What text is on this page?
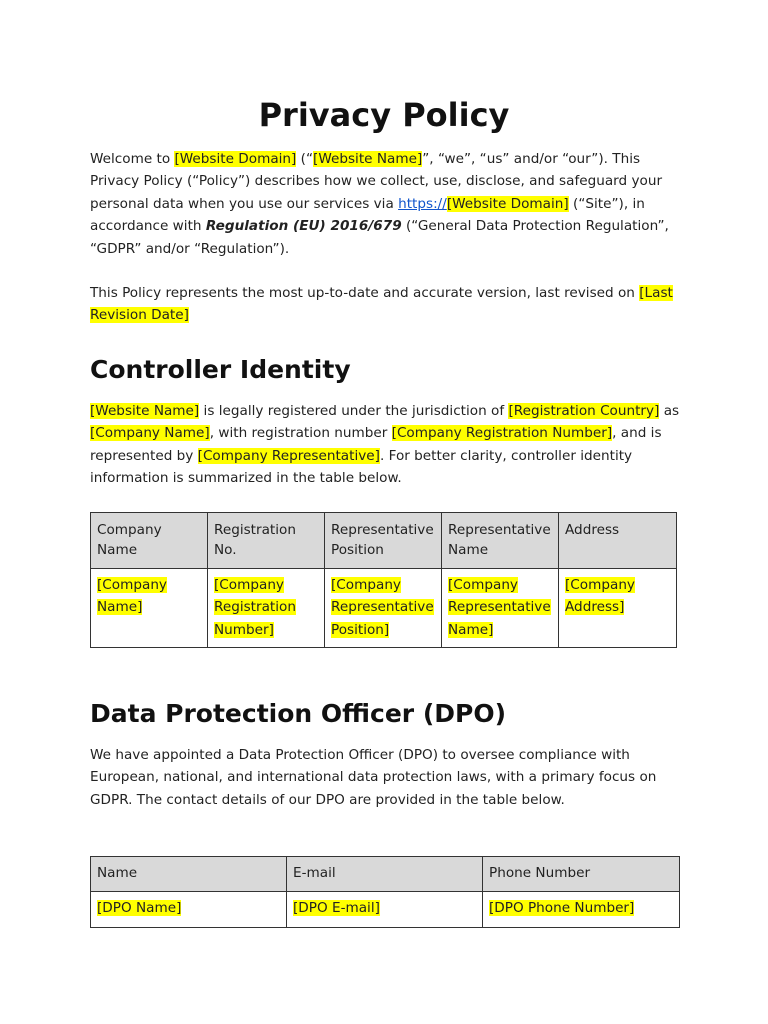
Privacy Policy

Welcome to [Website Domain] (“[Website Name]”, “we”, “us” and/or “our”). This Privacy Policy (“Policy”) describes how we collect, use, disclose, and safeguard your personal data when you use our services via https://[Website Domain] (“Site”), in accordance with Regulation (EU) 2016/679 (“General Data Protection Regulation”, “GDPR” and/or “Regulation”).

This Policy represents the most up-to-date and accurate version, last revised on [Last Revision Date]

Controller Identity

[Website Name] is legally registered under the jurisdiction of [Registration Country] as [Company Name], with registration number [Company Registration Number], and is represented by [Company Representative]. For better clarity, controller identity information is summarized in the table below.

Company Name	Registration No.	Representative Position	Representative Name	Address
[Company Name]	[Company Registration Number]	[Company Representative Position]	[Company Representative Name]	[Company Address]
Data Protection Officer (DPO)

We have appointed a Data Protection Officer (DPO) to oversee compliance with European, national, and international data protection laws, with a primary focus on GDPR. The contact details of our DPO are provided in the table below.

Name	E-mail	Phone Number
[DPO Name]	[DPO E-mail]	[DPO Phone Number]
